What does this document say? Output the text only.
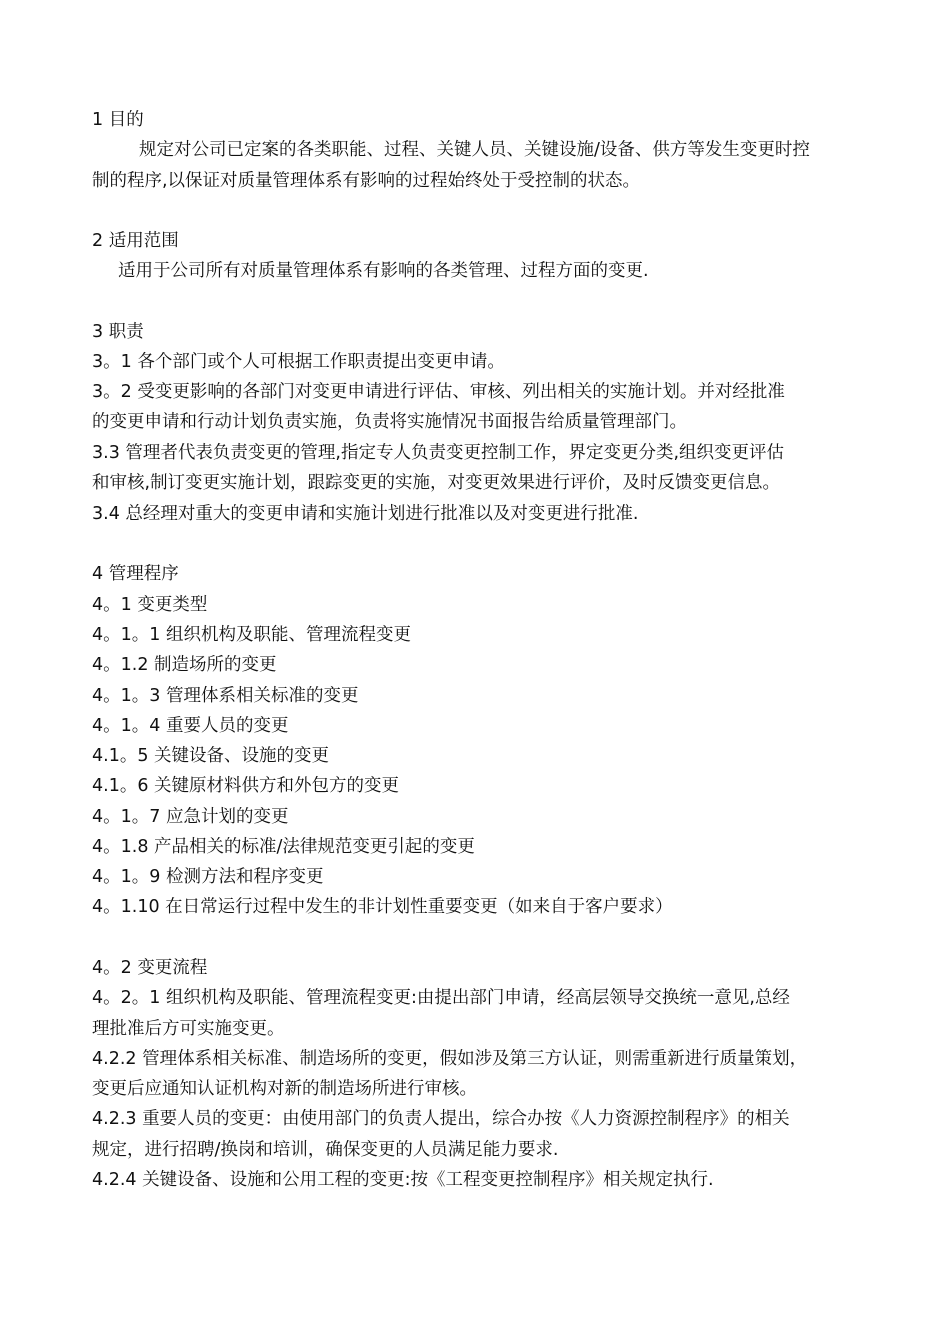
1 目的
规定对公司已定案的各类职能、过程、关键人员、关键设施/设备、供方等发生变更时控
制的程序,以保证对质量管理体系有影响的过程始终处于受控制的状态。
2 适用范围
适用于公司所有对质量管理体系有影响的各类管理、过程方面的变更.
3 职责
3。1 各个部门或个人可根据工作职责提出变更申请。
3。2 受变更影响的各部门对变更申请进行评估、审核、列出相关的实施计划。并对经批准
的变更申请和行动计划负责实施，负责将实施情况书面报告给质量管理部门。
3.3 管理者代表负责变更的管理,指定专人负责变更控制工作，界定变更分类,组织变更评估
和审核,制订变更实施计划，跟踪变更的实施，对变更效果进行评价，及时反馈变更信息。
3.4 总经理对重大的变更申请和实施计划进行批准以及对变更进行批准.
4 管理程序
4。1 变更类型
4。1。1 组织机构及职能、管理流程变更
4。1.2 制造场所的变更
4。1。3 管理体系相关标准的变更
4。1。4 重要人员的变更
4.1。5 关键设备、设施的变更
4.1。6 关键原材料供方和外包方的变更
4。1。7 应急计划的变更
4。1.8 产品相关的标准/法律规范变更引起的变更
4。1。9 检测方法和程序变更
4。1.10 在日常运行过程中发生的非计划性重要变更（如来自于客户要求）
4。2 变更流程
4。2。1 组织机构及职能、管理流程变更:由提出部门申请，经高层领导交换统一意见,总经
理批准后方可实施变更。
4.2.2 管理体系相关标准、制造场所的变更，假如涉及第三方认证，则需重新进行质量策划，
变更后应通知认证机构对新的制造场所进行审核。
4.2.3 重要人员的变更：由使用部门的负责人提出，综合办按《人力资源控制程序》的相关
规定，进行招聘/换岗和培训，确保变更的人员满足能力要求.
4.2.4 关键设备、设施和公用工程的变更:按《工程变更控制程序》相关规定执行.
